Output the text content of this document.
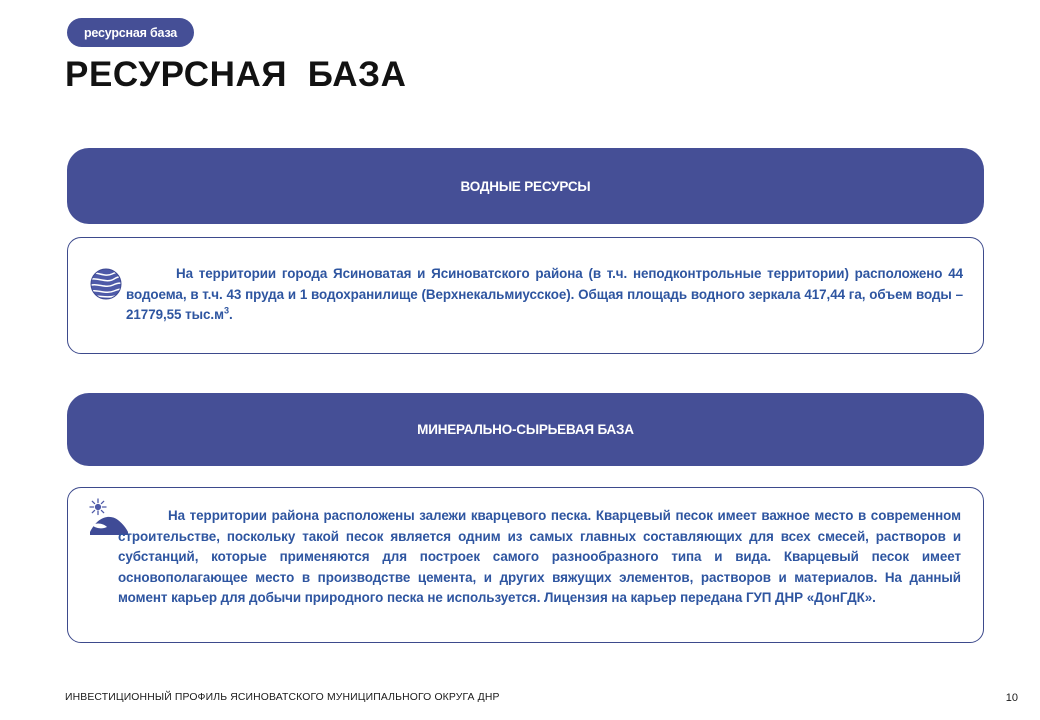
ресурсная база
РЕСУРСНАЯ  БАЗА
ВОДНЫЕ РЕСУРСЫ
На территории города Ясиноватая и Ясиноватского района (в т.ч. неподконтрольные территории) расположено 44 водоема, в т.ч. 43 пруда и 1 водохранилище (Верхнекальмиусское). Общая площадь водного зеркала 417,44 га, объем воды – 21779,55 $тыс.м^3$.
МИНЕРАЛЬНО-СЫРЬЕВАЯ БАЗА
На территории района расположены залежи кварцевого песка. Кварцевый песок имеет важное место в современном строительстве, поскольку такой песок является одним из самых главных составляющих для всех смесей, растворов и субстанций, которые применяются для построек самого разнообразного типа и вида. Кварцевый песок имеет основополагающее место в производстве цемента, и других вяжущих элементов, растворов и материалов. На данный момент карьер для добычи природного песка не используется. Лицензия на карьер передана ГУП ДНР «ДонГДК».
ИНВЕСТИЦИОННЫЙ ПРОФИЛЬ ЯСИНОВАТСКОГО МУНИЦИПАЛЬНОГО ОКРУГА ДНР	10
